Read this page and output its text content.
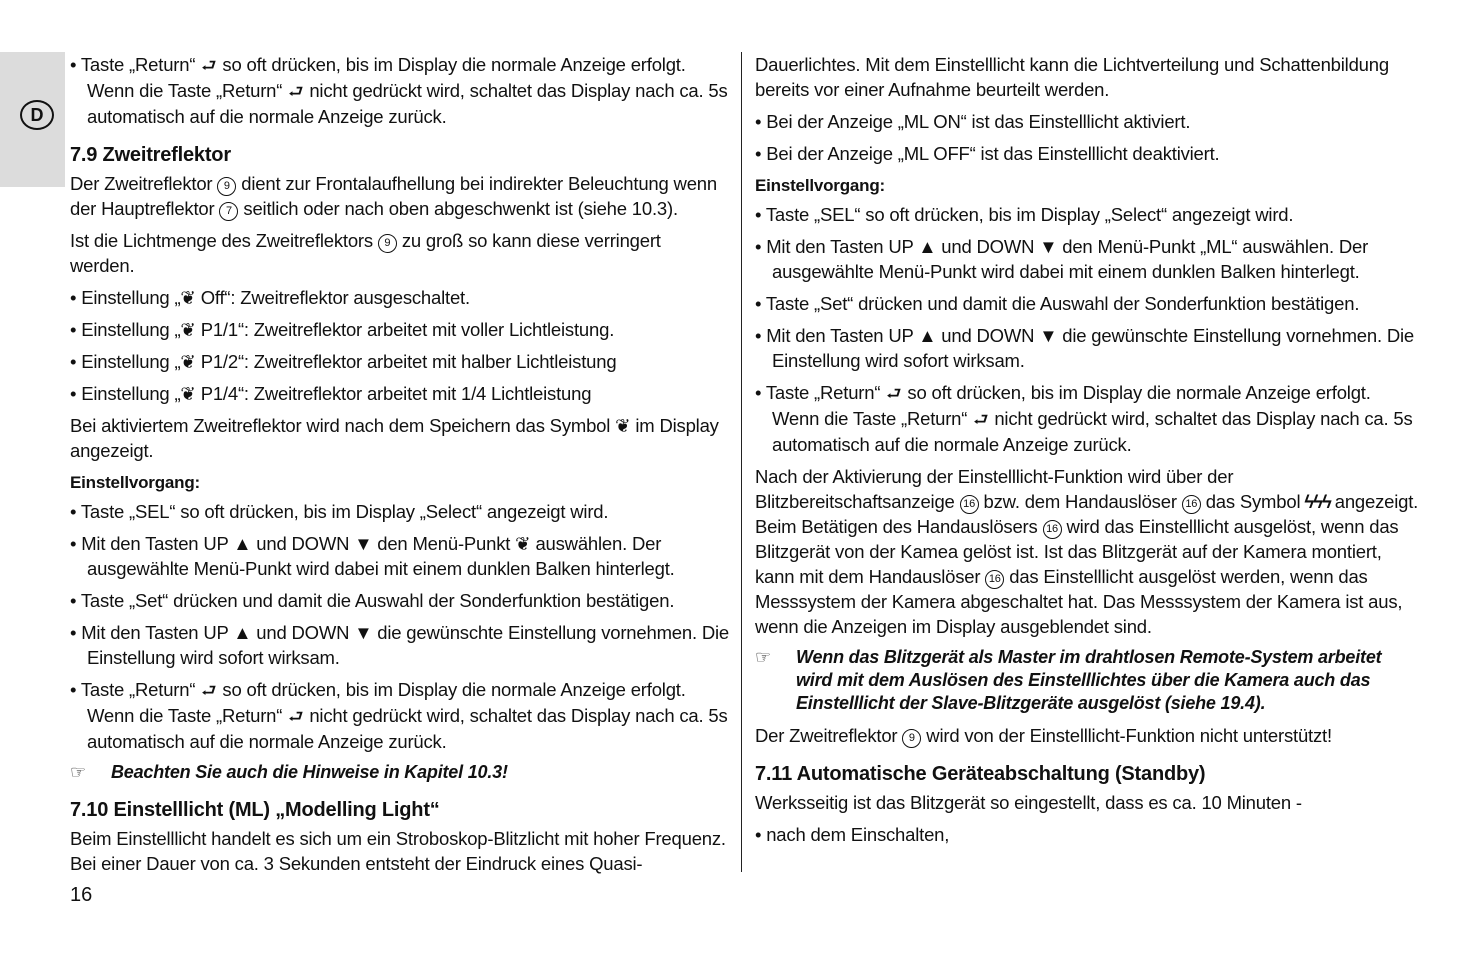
D
• Taste „Return“ ⮐ so oft drücken, bis im Display die normale Anzeige erfolgt. Wenn die Taste „Return“ ⮐ nicht gedrückt wird, schaltet das Display nach ca. 5s automatisch auf die normale Anzeige zurück.
7.9 Zweitreflektor
Der Zweitreflektor 9 dient zur Frontalaufhellung bei indirekter Beleuchtung wenn der Hauptreflektor 7 seitlich oder nach oben abgeschwenkt ist (siehe 10.3).
Ist die Lichtmenge des Zweitreflektors 9 zu groß so kann diese verringert werden.
• Einstellung „❦ Off“: Zweitreflektor ausgeschaltet.
• Einstellung „❦ P1/1“: Zweitreflektor arbeitet mit voller Lichtleistung.
• Einstellung „❦ P1/2“: Zweitreflektor arbeitet mit halber Lichtleistung
• Einstellung „❦ P1/4“: Zweitreflektor arbeitet mit 1/4 Lichtleistung
Bei aktiviertem Zweitreflektor wird nach dem Speichern das Symbol ❦ im Display angezeigt.
Einstellvorgang:
• Taste „SEL“ so oft drücken, bis im Display „Select“ angezeigt wird.
• Mit den Tasten UP ▲ und DOWN ▼ den Menü-Punkt ❦ auswählen. Der ausgewählte Menü-Punkt wird dabei mit einem dunklen Balken hinterlegt.
• Taste „Set“ drücken und damit die Auswahl der Sonderfunktion bestätigen.
• Mit den Tasten UP ▲ und DOWN ▼ die gewünschte Einstellung vornehmen. Die Einstellung wird sofort wirksam.
• Taste „Return“ ⮐ so oft drücken, bis im Display die normale Anzeige erfolgt. Wenn die Taste „Return“ ⮐ nicht gedrückt wird, schaltet das Display nach ca. 5s automatisch auf die normale Anzeige zurück.
☞ Beachten Sie auch die Hinweise in Kapitel 10.3!
7.10 Einstelllicht (ML) „Modelling Light“
Beim Einstelllicht handelt es sich um ein Stroboskop-Blitzlicht mit hoher Frequenz. Bei einer Dauer von ca. 3 Sekunden entsteht der Eindruck eines Quasi-
Dauerlichtes. Mit dem Einstelllicht kann die Lichtverteilung und Schattenbildung bereits vor einer Aufnahme beurteilt werden.
• Bei der Anzeige „ML ON“ ist das Einstelllicht aktiviert.
• Bei der Anzeige „ML OFF“ ist das Einstelllicht deaktiviert.
Einstellvorgang:
• Taste „SEL“ so oft drücken, bis im Display „Select“ angezeigt wird.
• Mit den Tasten UP ▲ und DOWN ▼ den Menü-Punkt „ML“ auswählen. Der ausgewählte Menü-Punkt wird dabei mit einem dunklen Balken hinterlegt.
• Taste „Set“ drücken und damit die Auswahl der Sonderfunktion bestätigen.
• Mit den Tasten UP ▲ und DOWN ▼ die gewünschte Einstellung vornehmen. Die Einstellung wird sofort wirksam.
• Taste „Return“ ⮐ so oft drücken, bis im Display die normale Anzeige erfolgt. Wenn die Taste „Return“ ⮐ nicht gedrückt wird, schaltet das Display nach ca. 5s automatisch auf die normale Anzeige zurück.
Nach der Aktivierung der Einstelllicht-Funktion wird über der Blitzbereitschaftsanzeige 16 bzw. dem Handauslöser 16 das Symbol ϟϟϟ angezeigt. Beim Betätigen des Handauslösers 16 wird das Einstelllicht ausgelöst, wenn das Blitzgerät von der Kamea gelöst ist. Ist das Blitzgerät auf der Kamera montiert, kann mit dem Handauslöser 16 das Einstelllicht ausgelöst werden, wenn das Messsystem der Kamera abgeschaltet hat. Das Messsystem der Kamera ist aus, wenn die Anzeigen im Display ausgeblendet sind.
☞ Wenn das Blitzgerät als Master im drahtlosen Remote-System arbeitet wird mit dem Auslösen des Einstelllichtes über die Kamera auch das Einstelllicht der Slave-Blitzgeräte ausgelöst (siehe 19.4).
Der Zweitreflektor 9 wird von der Einstelllicht-Funktion nicht unterstützt!
7.11 Automatische Geräteabschaltung (Standby)
Werksseitig ist das Blitzgerät so eingestellt, dass es ca. 10 Minuten -
• nach dem Einschalten,
16
